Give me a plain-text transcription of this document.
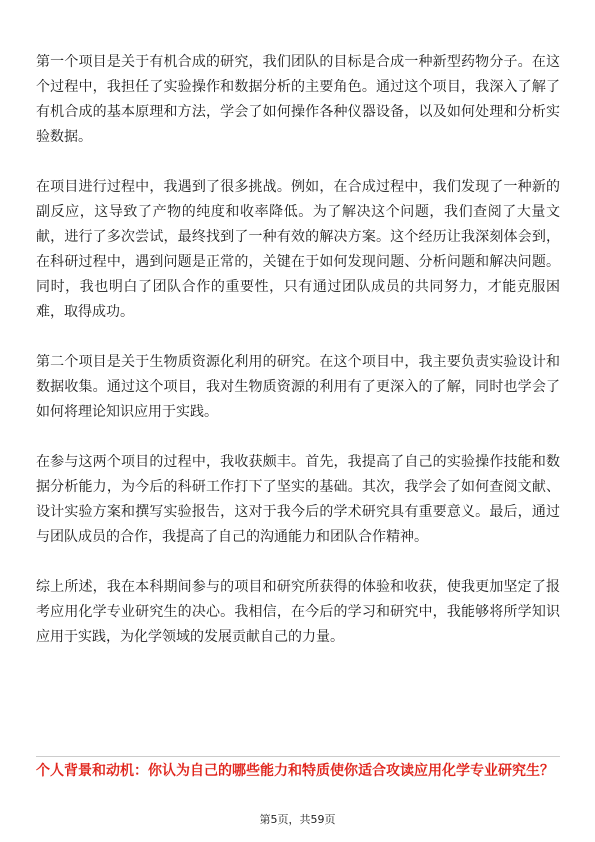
第一个项目是关于有机合成的研究，我们团队的目标是合成一种新型药物分子。在这个过程中，我担任了实验操作和数据分析的主要角色。通过这个项目，我深入了解了有机合成的基本原理和方法，学会了如何操作各种仪器设备，以及如何处理和分析实验数据。

在项目进行过程中，我遇到了很多挑战。例如，在合成过程中，我们发现了一种新的副反应，这导致了产物的纯度和收率降低。为了解决这个问题，我们查阅了大量文献，进行了多次尝试，最终找到了一种有效的解决方案。这个经历让我深刻体会到，在科研过程中，遇到问题是正常的，关键在于如何发现问题、分析问题和解决问题。同时，我也明白了团队合作的重要性，只有通过团队成员的共同努力，才能克服困难，取得成功。

第二个项目是关于生物质资源化利用的研究。在这个项目中，我主要负责实验设计和数据收集。通过这个项目，我对生物质资源的利用有了更深入的了解，同时也学会了如何将理论知识应用于实践。

在参与这两个项目的过程中，我收获颇丰。首先，我提高了自己的实验操作技能和数据分析能力，为今后的科研工作打下了坚实的基础。其次，我学会了如何查阅文献、设计实验方案和撰写实验报告，这对于我今后的学术研究具有重要意义。最后，通过与团队成员的合作，我提高了自己的沟通能力和团队合作精神。

综上所述，我在本科期间参与的项目和研究所获得的体验和收获，使我更加坚定了报考应用化学专业研究生的决心。我相信，在今后的学习和研究中，我能够将所学知识应用于实践，为化学领域的发展贡献自己的力量。

个人背景和动机：你认为自己的哪些能力和特质使你适合攻读应用化学专业研究生？

第5页，共59页
